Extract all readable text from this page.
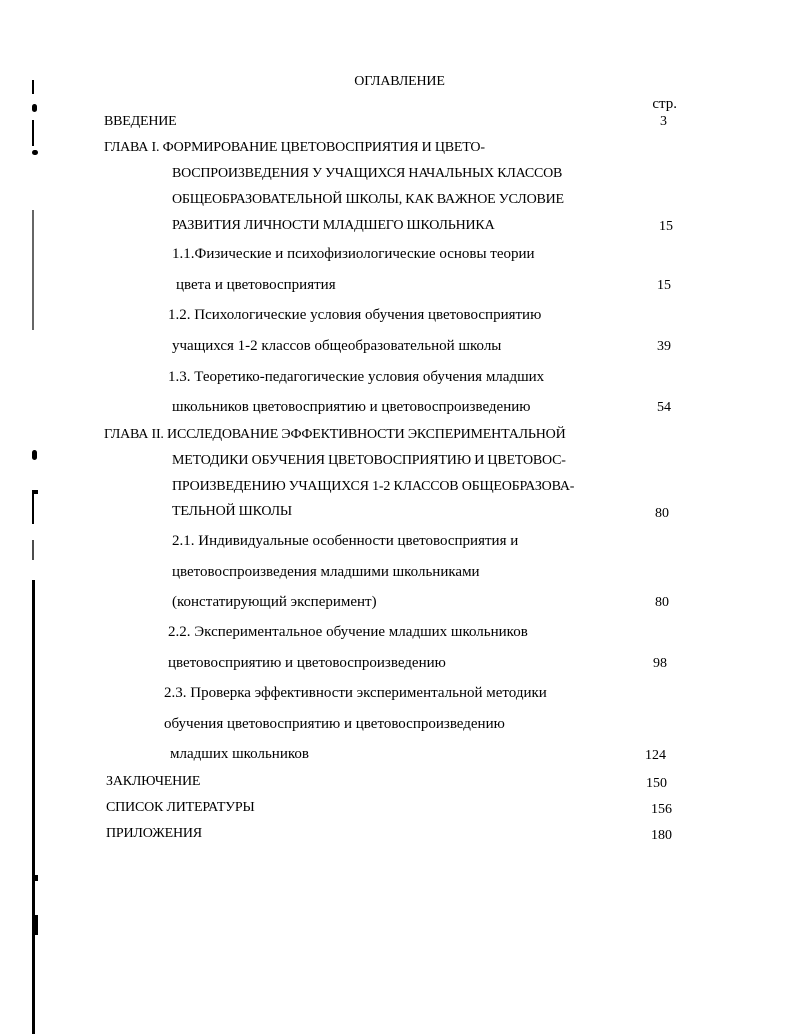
ОГЛАВЛЕНИЕ
стр.
ВВЕДЕНИЕ	3
ГЛАВА I. ФОРМИРОВАНИЕ ЦВЕТОВОСПРИЯТИЯ И ЦВЕТО-
ВОСПРОИЗВЕДЕНИЯ У УЧАЩИХСЯ НАЧАЛЬНЫХ КЛАССОВ
ОБЩЕОБРАЗОВАТЕЛЬНОЙ ШКОЛЫ, КАК ВАЖНОЕ УСЛОВИЕ
РАЗВИТИЯ ЛИЧНОСТИ МЛАДШЕГО ШКОЛЬНИКА	15
1.1.Физические и психофизиологические основы теории
цвета и цветовосприятия	15
1.2. Психологические условия обучения цветовосприятию
учащихся 1-2 классов общеобразовательной школы	39
1.3. Теоретико-педагогические условия обучения младших
школьников цветовосприятию и цветовоспроизведению	54
ГЛАВА II. ИССЛЕДОВАНИЕ ЭФФЕКТИВНОСТИ ЭКСПЕРИМЕНТАЛЬНОЙ
МЕТОДИКИ ОБУЧЕНИЯ ЦВЕТОВОСПРИЯТИЮ И ЦВЕТОВОС-
ПРОИЗВЕДЕНИЮ УЧАЩИХСЯ 1-2 КЛАССОВ ОБЩЕОБРАЗОВА-
ТЕЛЬНОЙ ШКОЛЫ	80
2.1. Индивидуальные особенности цветовосприятия и
цветовоспроизведения младшими школьниками
(констатирующий эксперимент)	80
2.2. Экспериментальное обучение младших школьников
цветовосприятию и цветовоспроизведению	98
2.3. Проверка эффективности экспериментальной методики
обучения цветовосприятию и цветовоспроизведению
младших школьников	124
ЗАКЛЮЧЕНИЕ	150
СПИСОК ЛИТЕРАТУРЫ	156
ПРИЛОЖЕНИЯ	180
